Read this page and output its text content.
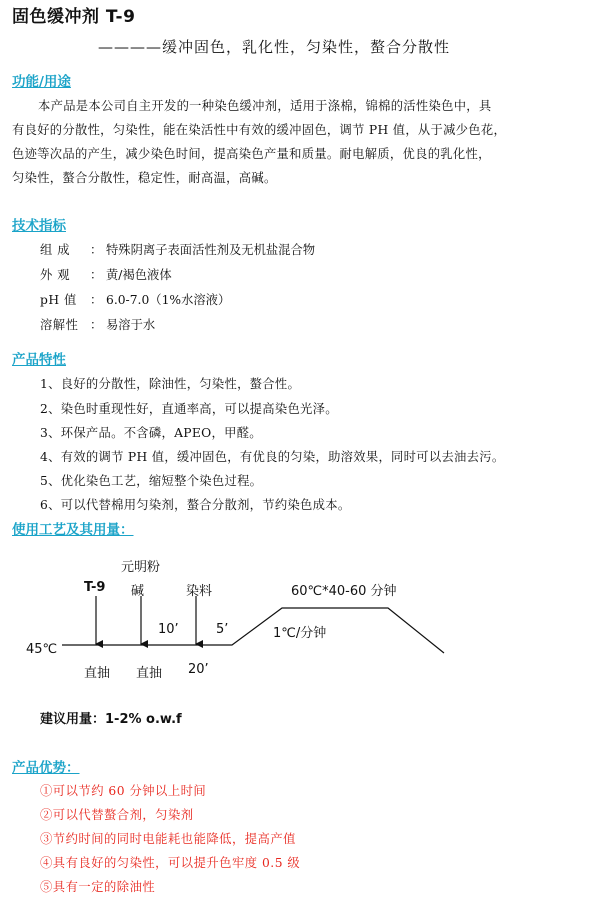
固色缓冲剂 T-9
————缓冲固色，乳化性，匀染性，螯合分散性
功能/用途
本产品是本公司自主开发的一种染色缓冲剂，适用于涤棉，锦棉的活性染色中，具
有良好的分散性，匀染性，能在染活性中有效的缓冲固色，调节 PH 值，从于减少色花，
色迹等次品的产生，减少染色时间，提高染色产量和质量。耐电解质，优良的乳化性，
匀染性，螯合分散性，稳定性，耐高温，高碱。
技术指标
组 成 ： 特殊阴离子表面活性剂及无机盐混合物
外 观 ： 黄/褐色液体
pH 值 ： 6.0-7.0（1%水溶液）
溶解性 ： 易溶于水
产品特性
1、良好的分散性，除油性，匀染性，螯合性。
2、染色时重现性好，直通率高，可以提高染色光泽。
3、环保产品。不含磷，APEO，甲醛。
4、有效的调节 PH 值，缓冲固色，有优良的匀染，助溶效果，同时可以去油去污。
5、优化染色工艺，缩短整个染色过程。
6、可以代替棉用匀染剂，螯合分散剂，节约染色成本。
使用工艺及其用量：
元明粉
T-9 碱	染料	60℃*40-60 分钟
10’	5’	1℃/分钟
45℃
直抽 直抽 20’
建议用量：1-2% o.w.f
产品优势：
①可以节约 60 分钟以上时间
②可以代替螯合剂，匀染剂
③节约时间的同时电能耗也能降低，提高产值
④具有良好的匀染性，可以提升色牢度 0.5 级
⑤具有一定的除油性
